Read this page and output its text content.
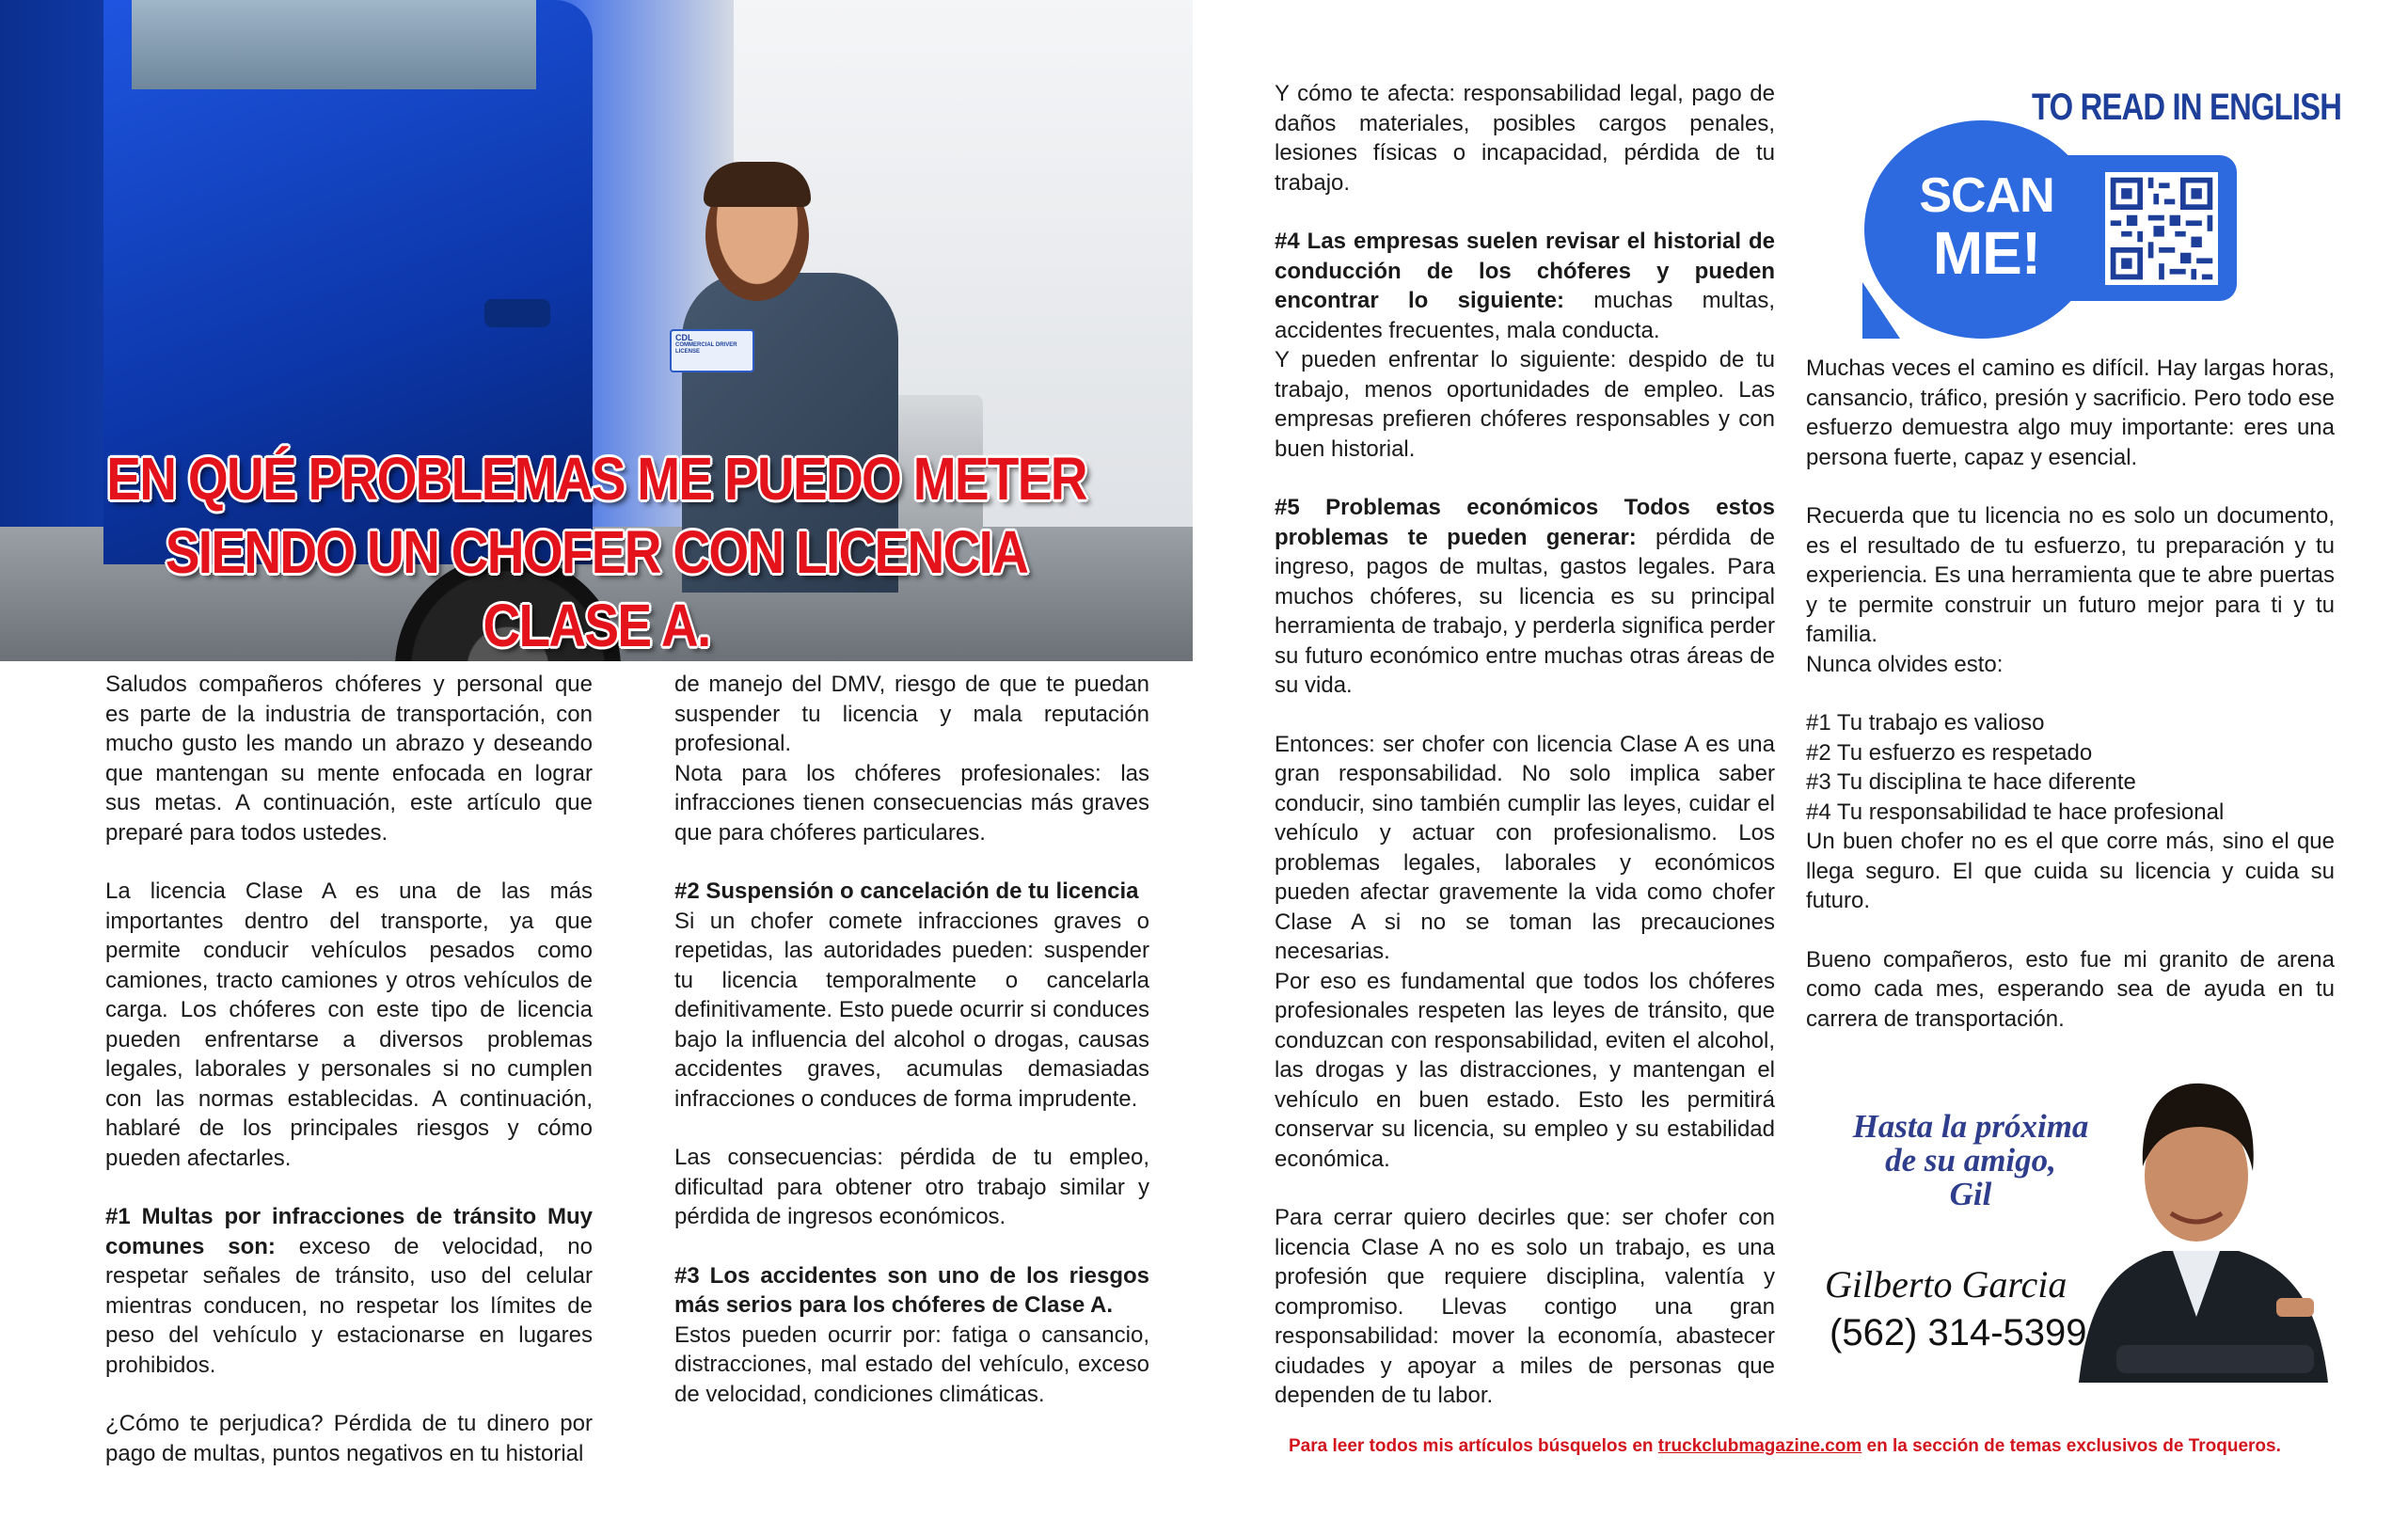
CDL
COMMERCIAL DRIVER LICENSE
EN QUÉ PROBLEMAS ME PUEDO METER
SIENDO UN CHOFER CON LICENCIA CLASE A.

Saludos compañeros chóferes y personal que es parte de la industria de transportación, con mucho gusto les mando un abrazo y deseando que mantengan su mente enfocada en lograr sus metas. A continuación, este artículo que preparé para todos ustedes.

La licencia Clase A es una de las más importantes dentro del transporte, ya que permite conducir vehículos pesados como camiones, tracto camiones y otros vehículos de carga. Los chóferes con este tipo de licencia pueden enfrentarse a diversos problemas legales, laborales y personales si no cumplen con las normas establecidas. A continuación, hablaré de los principales riesgos y cómo pueden afectarles.

#1 Multas por infracciones de tránsito Muy comunes son: exceso de velocidad, no respetar señales de tránsito, uso del celular mientras conducen, no respetar los límites de peso del vehículo y estacionarse en lugares prohibidos.

¿Cómo te perjudica? Pérdida de tu dinero por pago de multas, puntos negativos en tu historial

de manejo del DMV, riesgo de que te puedan suspender tu licencia y mala reputación profesional.

Nota para los chóferes profesionales: las infracciones tienen consecuencias más graves que para chóferes particulares.

#2 Suspensión o cancelación de tu licencia

Si un chofer comete infracciones graves o repetidas, las autoridades pueden: suspender tu licencia temporalmente o cancelarla definitivamente. Esto puede ocurrir si conduces bajo la influencia del alcohol o drogas, causas accidentes graves, acumulas demasiadas infracciones o conduces de forma imprudente.

Las consecuencias: pérdida de tu empleo, dificultad para obtener otro trabajo similar y pérdida de ingresos económicos.

#3 Los accidentes son uno de los riesgos más serios para los chóferes de Clase A.

Estos pueden ocurrir por: fatiga o cansancio, distracciones, mal estado del vehículo, exceso de velocidad, condiciones climáticas.

Y cómo te afecta: responsabilidad legal, pago de daños materiales, posibles cargos penales, lesiones físicas o incapacidad, pérdida de tu trabajo.

#4 Las empresas suelen revisar el historial de conducción de los chóferes y pueden encontrar lo siguiente: muchas multas, accidentes frecuentes, mala conducta.

Y pueden enfrentar lo siguiente: despido de tu trabajo, menos oportunidades de empleo. Las empresas prefieren chóferes responsables y con buen historial.

#5 Problemas económicos Todos estos problemas te pueden generar: pérdida de ingreso, pagos de multas, gastos legales. Para muchos chóferes, su licencia es su principal herramienta de trabajo, y perderla significa perder su futuro económico entre muchas otras áreas de su vida.

Entonces: ser chofer con licencia Clase A es una gran responsabilidad. No solo implica saber conducir, sino también cumplir las leyes, cuidar el vehículo y actuar con profesionalismo. Los problemas legales, laborales y económicos pueden afectar gravemente la vida como chofer Clase A si no se toman las precauciones necesarias.

Por eso es fundamental que todos los chóferes profesionales respeten las leyes de tránsito, que conduzcan con responsabilidad, eviten el alcohol, las drogas y las distracciones, y mantengan el vehículo en buen estado. Esto les permitirá conservar su licencia, su empleo y su estabilidad económica.

Para cerrar quiero decirles que: ser chofer con licencia Clase A no es solo un trabajo, es una profesión que requiere disciplina, valentía y compromiso. Llevas contigo una gran responsabilidad: mover la economía, abastecer ciudades y apoyar a miles de personas que dependen de tu labor.

TO READ IN ENGLISH
SCAN
ME!

Muchas veces el camino es difícil. Hay largas horas, cansancio, tráfico, presión y sacrificio. Pero todo ese esfuerzo demuestra algo muy importante: eres una persona fuerte, capaz y esencial.

Recuerda que tu licencia no es solo un documento, es el resultado de tu esfuerzo, tu preparación y tu experiencia. Es una herramienta que te abre puertas y te permite construir un futuro mejor para ti y tu familia.

Nunca olvides esto:

#1 Tu trabajo es valioso

#2 Tu esfuerzo es respetado

#3 Tu disciplina te hace diferente

#4 Tu responsabilidad te hace profesional

Un buen chofer no es el que corre más, sino el que llega seguro. El que cuida su licencia y cuida su futuro.

Bueno compañeros, esto fue mi granito de arena como cada mes, esperando sea de ayuda en tu carrera de transportación.

Hasta la próxima
de su amigo,
Gil
Gilberto Garcia
(562) 314-5399
Para leer todos mis artículos búsquelos en truckclubmagazine.com en la sección de temas exclusivos de Troqueros.
